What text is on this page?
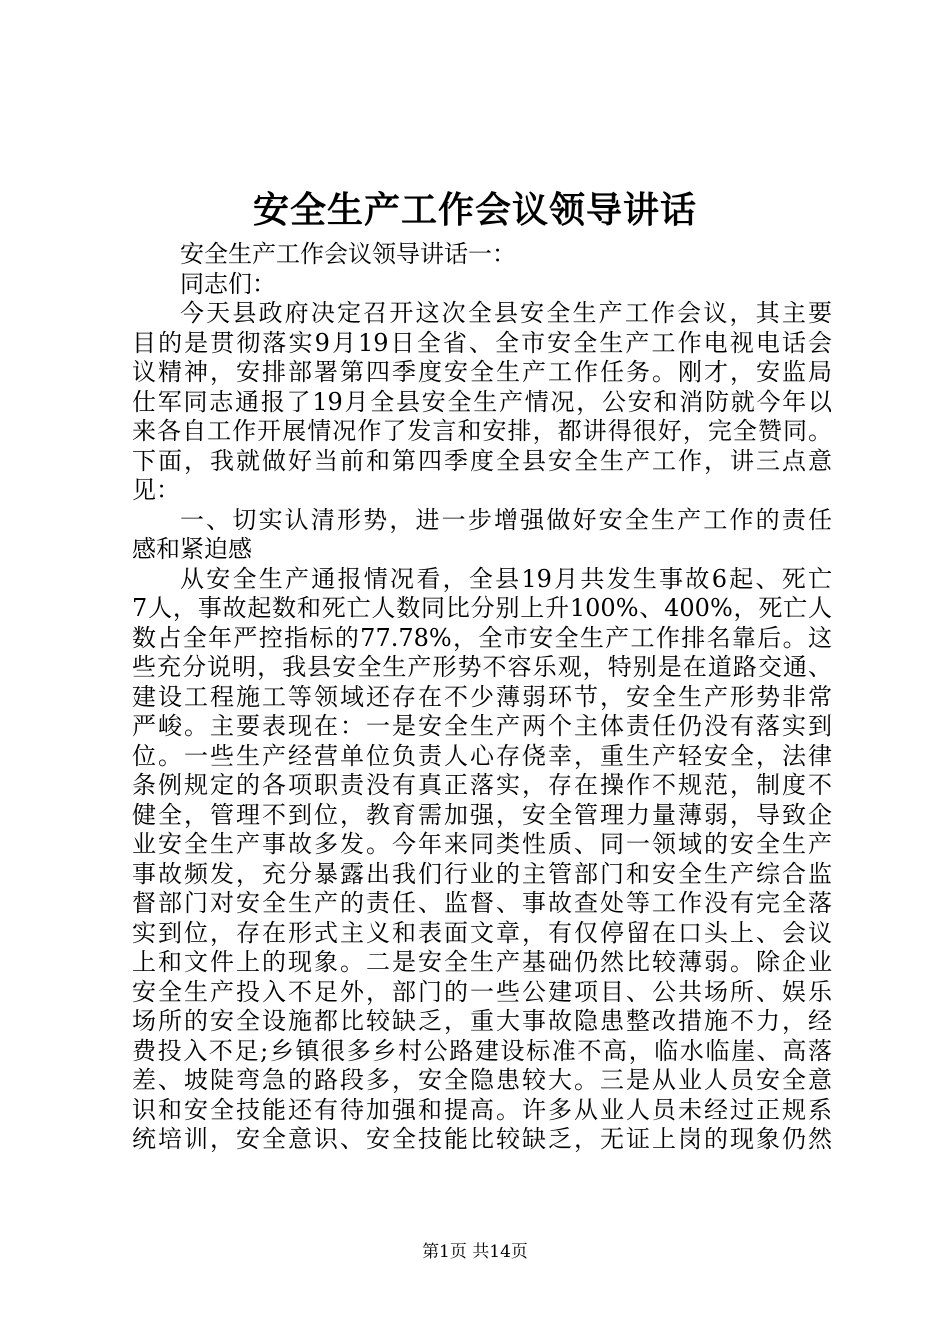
安全生产工作会议领导讲话
安全生产工作会议领导讲话一：
同志们：
今天县政府决定召开这次全县安全生产工作会议，其主要
目的是贯彻落实9月19日全省、全市安全生产工作电视电话会
议精神，安排部署第四季度安全生产工作任务。刚才，安监局
仕军同志通报了19月全县安全生产情况，公安和消防就今年以
来各自工作开展情况作了发言和安排，都讲得很好，完全赞同。
下面，我就做好当前和第四季度全县安全生产工作，讲三点意
见：
一、切实认清形势，进一步增强做好安全生产工作的责任
感和紧迫感
从安全生产通报情况看，全县19月共发生事故6起、死亡
7人，事故起数和死亡人数同比分别上升100%、400%，死亡人
数占全年严控指标的77.78%，全市安全生产工作排名靠后。这
些充分说明，我县安全生产形势不容乐观，特别是在道路交通、
建设工程施工等领域还存在不少薄弱环节，安全生产形势非常
严峻。主要表现在：一是安全生产两个主体责任仍没有落实到
位。一些生产经营单位负责人心存侥幸，重生产轻安全，法律
条例规定的各项职责没有真正落实，存在操作不规范，制度不
健全，管理不到位，教育需加强，安全管理力量薄弱，导致企
业安全生产事故多发。今年来同类性质、同一领域的安全生产
事故频发，充分暴露出我们行业的主管部门和安全生产综合监
督部门对安全生产的责任、监督、事故查处等工作没有完全落
实到位，存在形式主义和表面文章，有仅停留在口头上、会议
上和文件上的现象。二是安全生产基础仍然比较薄弱。除企业
安全生产投入不足外，部门的一些公建项目、公共场所、娱乐
场所的安全设施都比较缺乏，重大事故隐患整改措施不力，经
费投入不足;乡镇很多乡村公路建设标准不高，临水临崖、高落
差、坡陡弯急的路段多，安全隐患较大。三是从业人员安全意
识和安全技能还有待加强和提高。许多从业人员未经过正规系
统培训，安全意识、安全技能比较缺乏，无证上岗的现象仍然
第1页 共14页
